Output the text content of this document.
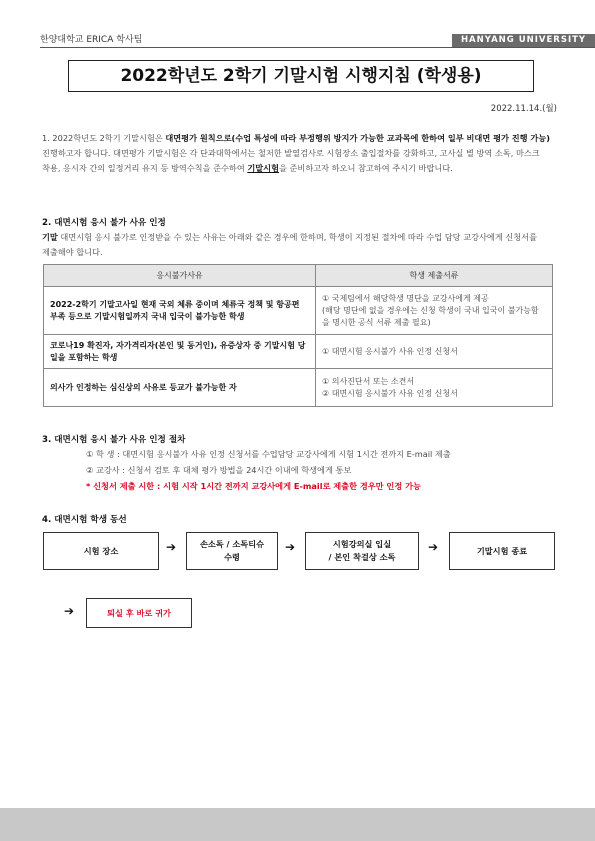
한양대학교 ERICA 학사팀	HANYANG UNIVERSITY
2022학년도 2학기 기말시험 시행지침 (학생용)
2022.11.14.(월)
1. 2022학년도 2학기 기말시험은 대면평가 원칙으로(수업 특성에 따라 부정행위 방지가 가능한 교과목에 한하여 일부 비대면 평가 진행 가능) 진행하고자 합니다. 대면평가 기말시험은 각 단과대학에서는 철저한 발열검사로 시험장소 출입절차를 강화하고, 고사실 별 방역 소독, 마스크 착용, 응시자 간의 일정거리 유지 등 방역수칙을 준수하여 기말시험을 준비하고자 하오니 참고하여 주시기 바랍니다.
2. 대면시험 응시 불가 사유 인정
기말 대면시험 응시 불가로 인정받을 수 있는 사유는 아래와 같은 경우에 한하며, 학생이 지정된 절차에 따라 수업 담당 교강사에게 신청서를 제출해야 합니다.
응시불가사유	학생 제출서류
2022-2학기 기말고사일 현재 국외 체류 중이며 체류국 정책 및 항공편 부족 등으로 기말시험일까지 국내 입국이 불가능한 학생	① 국제팀에서 해당학생 명단을 교강사에게 제공
(해당 명단에 없을 경우에는 신청 학생이 국내 입국이 불가능함을 명시한 공식 서류 제출 필요)

코로나19 확진자, 자가격리자(본인 및 동거인), 유증상자 중 기말시험 당일을 포함하는 학생	① 대면시험 응시불가 사유 인정 신청서

의사가 인정하는 심신상의 사유로 등교가 불가능한 자	① 의사진단서 또는 소견서
② 대면시험 응시불가 사유 인정 신청서
3. 대면시험 응시 불가 사유 인정 절차
① 학 생 : 대면시험 응시불가 사유 인정 신청서를 수업담당 교강사에게 시험 1시간 전까지 E-mail 제출
② 교강사 : 신청서 검토 후 대체 평가 방법을 24시간 이내에 학생에게 통보
* 신청서 제출 시한 : 시험 시작 1시간 전까지 교강사에게 E-mail로 제출한 경우만 인정 가능
4. 대면시험 학생 동선
시험 장소	➔	손소독 / 소독티슈
수령
➔	시험강의실 입실
/ 본인 착걸상 소독
➔	기말시험 종료
➔	퇴실 후 바로 귀가
